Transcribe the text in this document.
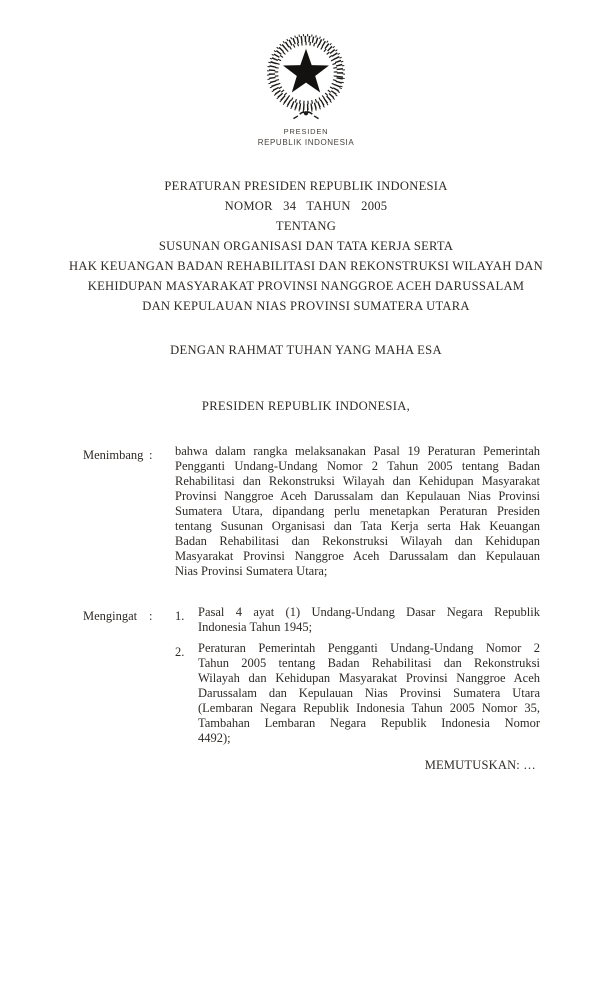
PRESIDEN
REPUBLIK INDONESIA
PERATURAN PRESIDEN REPUBLIK INDONESIA
NOMOR 34 TAHUN 2005
TENTANG
SUSUNAN ORGANISASI DAN TATA KERJA SERTA
HAK KEUANGAN BADAN REHABILITASI DAN REKONSTRUKSI WILAYAH DAN
KEHIDUPAN MASYARAKAT PROVINSI NANGGROE ACEH DARUSSALAM
DAN KEPULAUAN NIAS PROVINSI SUMATERA UTARA
DENGAN RAHMAT TUHAN YANG MAHA ESA
PRESIDEN REPUBLIK INDONESIA,
Menimbang :	bahwa dalam rangka melaksanakan Pasal 19 Peraturan Pemerintah
Pengganti Undang-Undang Nomor 2 Tahun 2005 tentang Badan
Rehabilitasi dan Rekonstruksi Wilayah dan Kehidupan Masyarakat
Provinsi Nanggroe Aceh Darussalam dan Kepulauan Nias Provinsi
Sumatera Utara, dipandang perlu menetapkan Peraturan Presiden
tentang Susunan Organisasi dan Tata Kerja serta Hak Keuangan
Badan Rehabilitasi dan Rekonstruksi Wilayah dan Kehidupan
Masyarakat Provinsi Nanggroe Aceh Darussalam dan Kepulauan
Nias Provinsi Sumatera Utara;
Mengingat :	1.	Pasal 4 ayat (1) Undang-Undang Dasar Negara Republik
Indonesia Tahun 1945;
2.	Peraturan Pemerintah Pengganti Undang-Undang Nomor 2
Tahun 2005 tentang Badan Rehabilitasi dan Rekonstruksi
Wilayah dan Kehidupan Masyarakat Provinsi Nanggroe Aceh
Darussalam dan Kepulauan Nias Provinsi Sumatera Utara
(Lembaran Negara Republik Indonesia Tahun 2005 Nomor 35,
Tambahan Lembaran Negara Republik Indonesia Nomor
4492);
MEMUTUSKAN: …
